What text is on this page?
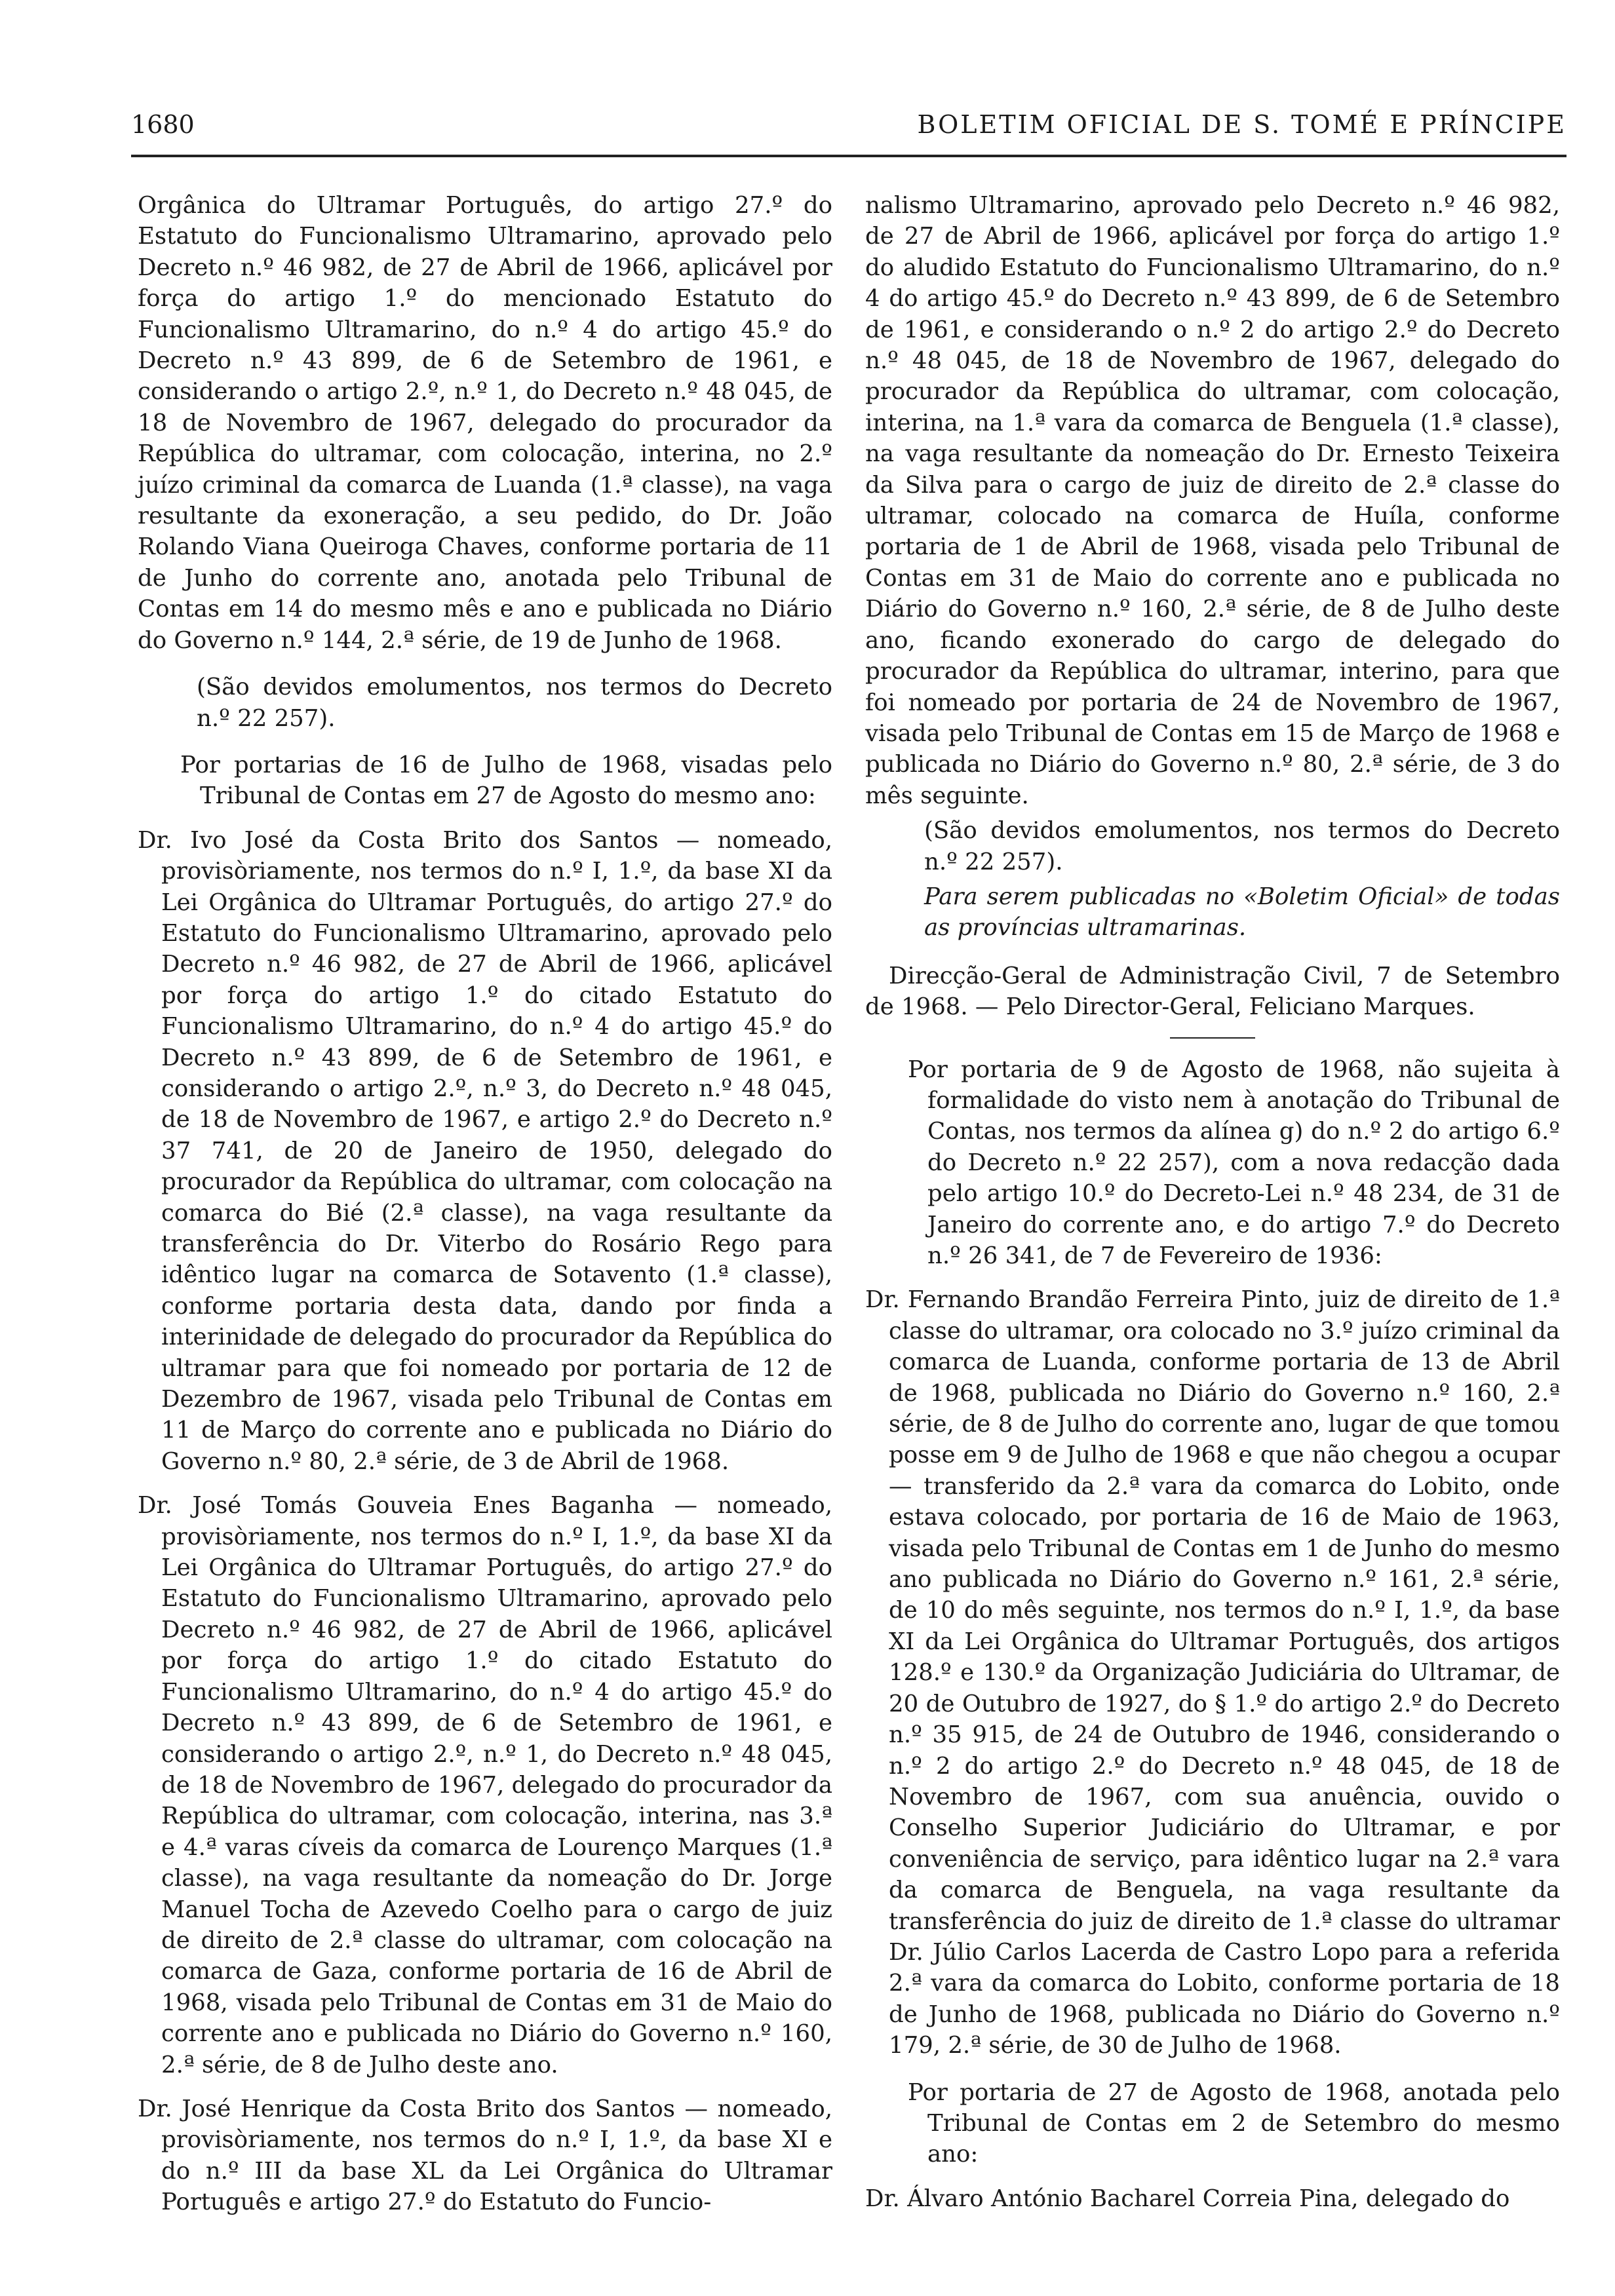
1680	BOLETIM OFICIAL DE S. TOMÉ E PRÍNCIPE

Orgânica do Ultramar Português, do artigo 27.º do Estatuto do Funcionalismo Ultramarino, aprovado pelo Decreto n.º 46 982, de 27 de Abril de 1966, aplicável por força do artigo 1.º do mencionado Estatuto do Funcionalismo Ultramarino, do n.º 4 do artigo 45.º do Decreto n.º 43 899, de 6 de Setembro de 1961, e considerando o artigo 2.º, n.º 1, do Decreto n.º 48 045, de 18 de Novembro de 1967, delegado do procurador da República do ultramar, com colocação, interina, no 2.º juízo criminal da comarca de Luanda (1.ª classe), na vaga resultante da exoneração, a seu pedido, do Dr. João Rolando Viana Queiroga Chaves, conforme portaria de 11 de Junho do corrente ano, anotada pelo Tribunal de Contas em 14 do mesmo mês e ano e publicada no Diário do Governo n.º 144, 2.ª série, de 19 de Junho de 1968.

(São devidos emolumentos, nos termos do Decreto n.º 22 257).

Por portarias de 16 de Julho de 1968, visadas pelo Tribunal de Contas em 27 de Agosto do mesmo ano:

Dr. Ivo José da Costa Brito dos Santos — nomeado, provisòriamente, nos termos do n.º I, 1.º, da base XI da Lei Orgânica do Ultramar Português, do artigo 27.º do Estatuto do Funcionalismo Ultramarino, aprovado pelo Decreto n.º 46 982, de 27 de Abril de 1966, aplicável por força do artigo 1.º do citado Estatuto do Funcionalismo Ultramarino, do n.º 4 do artigo 45.º do Decreto n.º 43 899, de 6 de Setembro de 1961, e considerando o artigo 2.º, n.º 3, do Decreto n.º 48 045, de 18 de Novembro de 1967, e artigo 2.º do Decreto n.º 37 741, de 20 de Janeiro de 1950, delegado do procurador da República do ultramar, com colocação na comarca do Bié (2.ª classe), na vaga resultante da transferência do Dr. Viterbo do Rosário Rego para idêntico lugar na comarca de Sotavento (1.ª classe), conforme portaria desta data, dando por finda a interinidade de delegado do procurador da República do ultramar para que foi nomeado por portaria de 12 de Dezembro de 1967, visada pelo Tribunal de Contas em 11 de Março do corrente ano e publicada no Diário do Governo n.º 80, 2.ª série, de 3 de Abril de 1968.

Dr. José Tomás Gouveia Enes Baganha — nomeado, provisòriamente, nos termos do n.º I, 1.º, da base XI da Lei Orgânica do Ultramar Português, do artigo 27.º do Estatuto do Funcionalismo Ultramarino, aprovado pelo Decreto n.º 46 982, de 27 de Abril de 1966, aplicável por força do artigo 1.º do citado Estatuto do Funcionalismo Ultramarino, do n.º 4 do artigo 45.º do Decreto n.º 43 899, de 6 de Setembro de 1961, e considerando o artigo 2.º, n.º 1, do Decreto n.º 48 045, de 18 de Novembro de 1967, delegado do procurador da República do ultramar, com colocação, interina, nas 3.ª e 4.ª varas cíveis da comarca de Lourenço Marques (1.ª classe), na vaga resultante da nomeação do Dr. Jorge Manuel Tocha de Azevedo Coelho para o cargo de juiz de direito de 2.ª classe do ultramar, com colocação na comarca de Gaza, conforme portaria de 16 de Abril de 1968, visada pelo Tribunal de Contas em 31 de Maio do corrente ano e publicada no Diário do Governo n.º 160, 2.ª série, de 8 de Julho deste ano.

Dr. José Henrique da Costa Brito dos Santos — nomeado, provisòriamente, nos termos do n.º I, 1.º, da base XI e do n.º III da base XL da Lei Orgânica do Ultramar Português e artigo 27.º do Estatuto do Funcio-

nalismo Ultramarino, aprovado pelo Decreto n.º 46 982, de 27 de Abril de 1966, aplicável por força do artigo 1.º do aludido Estatuto do Funcionalismo Ultramarino, do n.º 4 do artigo 45.º do Decreto n.º 43 899, de 6 de Setembro de 1961, e considerando o n.º 2 do artigo 2.º do Decreto n.º 48 045, de 18 de Novembro de 1967, delegado do procurador da República do ultramar, com colocação, interina, na 1.ª vara da comarca de Benguela (1.ª classe), na vaga resultante da nomeação do Dr. Ernesto Teixeira da Silva para o cargo de juiz de direito de 2.ª classe do ultramar, colocado na comarca de Huíla, conforme portaria de 1 de Abril de 1968, visada pelo Tribunal de Contas em 31 de Maio do corrente ano e publicada no Diário do Governo n.º 160, 2.ª série, de 8 de Julho deste ano, ficando exonerado do cargo de delegado do procurador da República do ultramar, interino, para que foi nomeado por portaria de 24 de Novembro de 1967, visada pelo Tribunal de Contas em 15 de Março de 1968 e publicada no Diário do Governo n.º 80, 2.ª série, de 3 do mês seguinte.

(São devidos emolumentos, nos termos do Decreto n.º 22 257).

Para serem publicadas no «Boletim Oficial» de todas as províncias ultramarinas.

Direcção-Geral de Administração Civil, 7 de Setembro de 1968. — Pelo Director-Geral, Feliciano Marques.

Por portaria de 9 de Agosto de 1968, não sujeita à formalidade do visto nem à anotação do Tribunal de Contas, nos termos da alínea g) do n.º 2 do artigo 6.º do Decreto n.º 22 257), com a nova redacção dada pelo artigo 10.º do Decreto-Lei n.º 48 234, de 31 de Janeiro do corrente ano, e do artigo 7.º do Decreto n.º 26 341, de 7 de Fevereiro de 1936:

Dr. Fernando Brandão Ferreira Pinto, juiz de direito de 1.ª classe do ultramar, ora colocado no 3.º juízo criminal da comarca de Luanda, conforme portaria de 13 de Abril de 1968, publicada no Diário do Governo n.º 160, 2.ª série, de 8 de Julho do corrente ano, lugar de que tomou posse em 9 de Julho de 1968 e que não chegou a ocupar — transferido da 2.ª vara da comarca do Lobito, onde estava colocado, por portaria de 16 de Maio de 1963, visada pelo Tribunal de Contas em 1 de Junho do mesmo ano publicada no Diário do Governo n.º 161, 2.ª série, de 10 do mês seguinte, nos termos do n.º I, 1.º, da base XI da Lei Orgânica do Ultramar Português, dos artigos 128.º e 130.º da Organização Judiciária do Ultramar, de 20 de Outubro de 1927, do § 1.º do artigo 2.º do Decreto n.º 35 915, de 24 de Outubro de 1946, considerando o n.º 2 do artigo 2.º do Decreto n.º 48 045, de 18 de Novembro de 1967, com sua anuência, ouvido o Conselho Superior Judiciário do Ultramar, e por conveniência de serviço, para idêntico lugar na 2.ª vara da comarca de Benguela, na vaga resultante da transferência do juiz de direito de 1.ª classe do ultramar Dr. Júlio Carlos Lacerda de Castro Lopo para a referida 2.ª vara da comarca do Lobito, conforme portaria de 18 de Junho de 1968, publicada no Diário do Governo n.º 179, 2.ª série, de 30 de Julho de 1968.

Por portaria de 27 de Agosto de 1968, anotada pelo Tribunal de Contas em 2 de Setembro do mesmo ano:

Dr. Álvaro António Bacharel Correia Pina, delegado do
